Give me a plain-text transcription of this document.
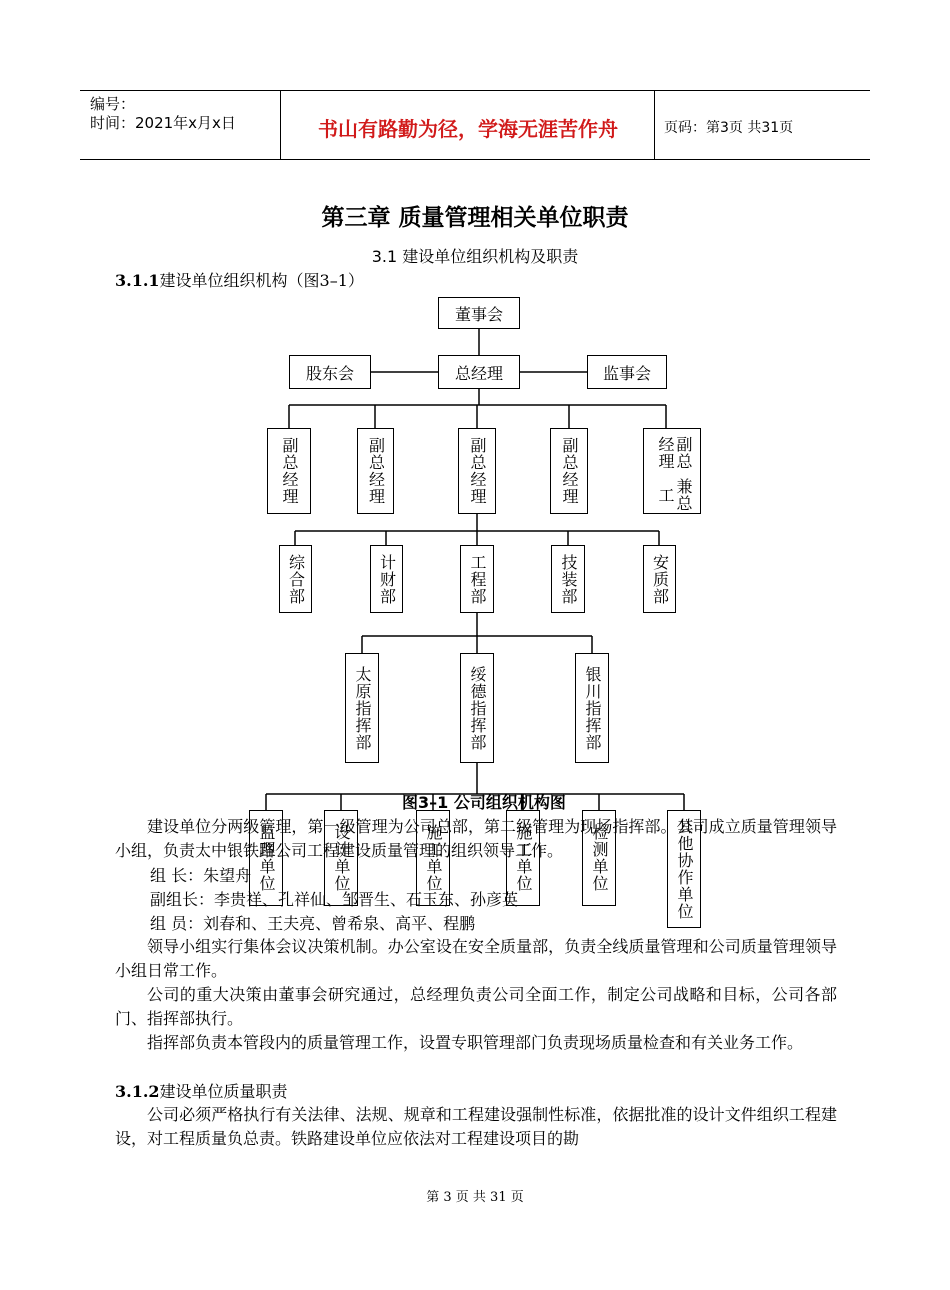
编号：
时间：2021年x月x日	书山有路勤为径，学海无涯苦作舟	页码：第3页 共31页
第三章 质量管理相关单位职责
3.1 建设单位组织机构及职责
3.1.1建设单位组织机构（图3–1）
董事会
股东会	总经理	监事会
副总经理	副总经理	副总经理	副总经理	副总经理
兼总工
综合部	计财部	工程部	技装部	安质部
太原指挥部	绥德指挥部	银川指挥部
监理单位	设计单位	施工单位	施工单位	检测单位	其他协作单位
图3–1 公司组织机构图
建设单位分两级管理，第一级管理为公司总部，第二级管理为现场指挥部。公司成立质量管理领导小组，负责太中银铁路公司工程建设质量管理的组织领导工作。
组 长：朱望舟
副组长：李贵祥、孔祥仙、邹晋生、石玉东、孙彦英
组 员：刘春和、王夫亮、曾希泉、高平、程鹏
领导小组实行集体会议决策机制。办公室设在安全质量部，负责全线质量管理和公司质量管理领导小组日常工作。
公司的重大决策由董事会研究通过，总经理负责公司全面工作，制定公司战略和目标，公司各部门、指挥部执行。
指挥部负责本管段内的质量管理工作，设置专职管理部门负责现场质量检查和有关业务工作。
3.1.2建设单位质量职责
公司必须严格执行有关法律、法规、规章和工程建设强制性标准，依据批准的设计文件组织工程建设，对工程质量负总责。铁路建设单位应依法对工程建设项目的勘
第 3 页 共 31 页
